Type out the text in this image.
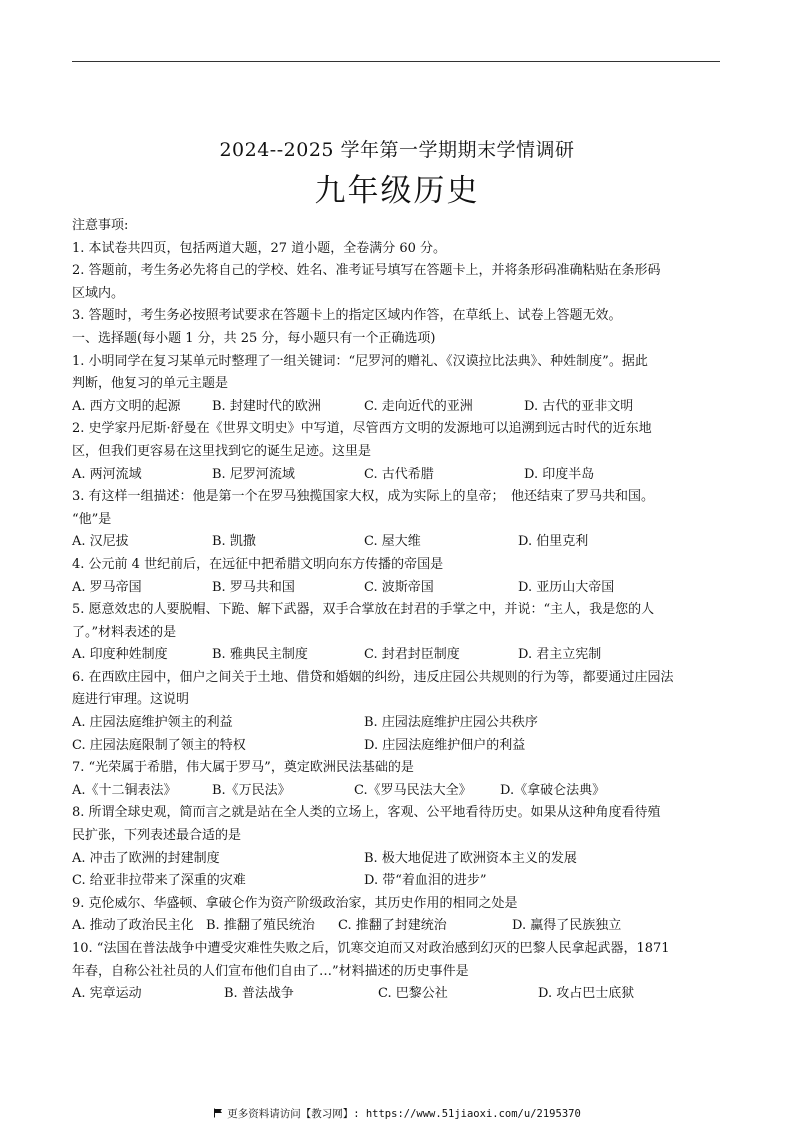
2024--2025 学年第一学期期末学情调研
九年级历史
注意事项:
1. 本试卷共四页，包括两道大题，27 道小题，全卷满分 60 分。
2. 答题前，考生务必先将自己的学校、姓名、准考证号填写在答题卡上，并将条形码准确粘贴在条形码
区域内。
3. 答题时，考生务必按照考试要求在答题卡上的指定区域内作答，在草纸上、试卷上答题无效。
一、选择题(每小题 1 分，共 25 分，每小题只有一个正确选项)
1. 小明同学在复习某单元时整理了一组关键词：“尼罗河的赠礼、《汉谟拉比法典》、种姓制度”。据此
判断，他复习的单元主题是
A. 西方文明的起源 B. 封建时代的欧洲	C. 走向近代的亚洲	D. 古代的亚非文明
2. 史学家丹尼斯·舒曼在《世界文明史》中写道，尽管西方文明的发源地可以追溯到远古时代的近东地
区，但我们更容易在这里找到它的诞生足迹。这里是
A. 两河流域	B. 尼罗河流域	C. 古代希腊	D. 印度半岛
3. 有这样一组描述：他是第一个在罗马独揽国家大权，成为实际上的皇帝；　他还结束了罗马共和国。
“他”是
A. 汉尼拔	B. 凯撒	C. 屋大维	D. 伯里克利
4. 公元前 4 世纪前后，在远征中把希腊文明向东方传播的帝国是
A. 罗马帝国	B. 罗马共和国	C. 波斯帝国	D. 亚历山大帝国
5. 愿意效忠的人要脱帽、下跪、解下武器，双手合掌放在封君的手掌之中，并说：“主人，我是您的人
了。”材料表述的是
A. 印度种姓制度	B. 雅典民主制度	C. 封君封臣制度	D. 君主立宪制
6. 在西欧庄园中，佃户之间关于土地、借贷和婚姻的纠纷，违反庄园公共规则的行为等，都要通过庄园法
庭进行审理。这说明
A. 庄园法庭维护领主的利益	B. 庄园法庭维护庄园公共秩序
C. 庄园法庭限制了领主的特权	D. 庄园法庭维护佃户的利益
7. “光荣属于希腊，伟大属于罗马”，奠定欧洲民法基础的是
A.《十二铜表法》	B.《万民法》	C.《罗马民法大全》 D.《拿破仑法典》
8. 所谓全球史观，简而言之就是站在全人类的立场上，客观、公平地看待历史。如果从这种角度看待殖
民扩张，下列表述最合适的是
A. 冲击了欧洲的封建制度	B. 极大地促进了欧洲资本主义的发展
C. 给亚非拉带来了深重的灾难	D. 带“着血泪的进步”
9. 克伦威尔、华盛顿、拿破仑作为资产阶级政治家，其历史作用的相同之处是
A. 推动了政治民主化 B. 推翻了殖民统治 C. 推翻了封建统治	D. 赢得了民族独立
10. “法国在普法战争中遭受灾难性失败之后，饥寒交迫而又对政治感到幻灭的巴黎人民拿起武器，1871
年春，自称公社社员的人们宣布他们自由了…”材料描述的历史事件是
A. 宪章运动	B. 普法战争	C. 巴黎公社	D. 攻占巴士底狱
更多资料请访问【教习网】: https://www.51jiaoxi.com/u/2195370
